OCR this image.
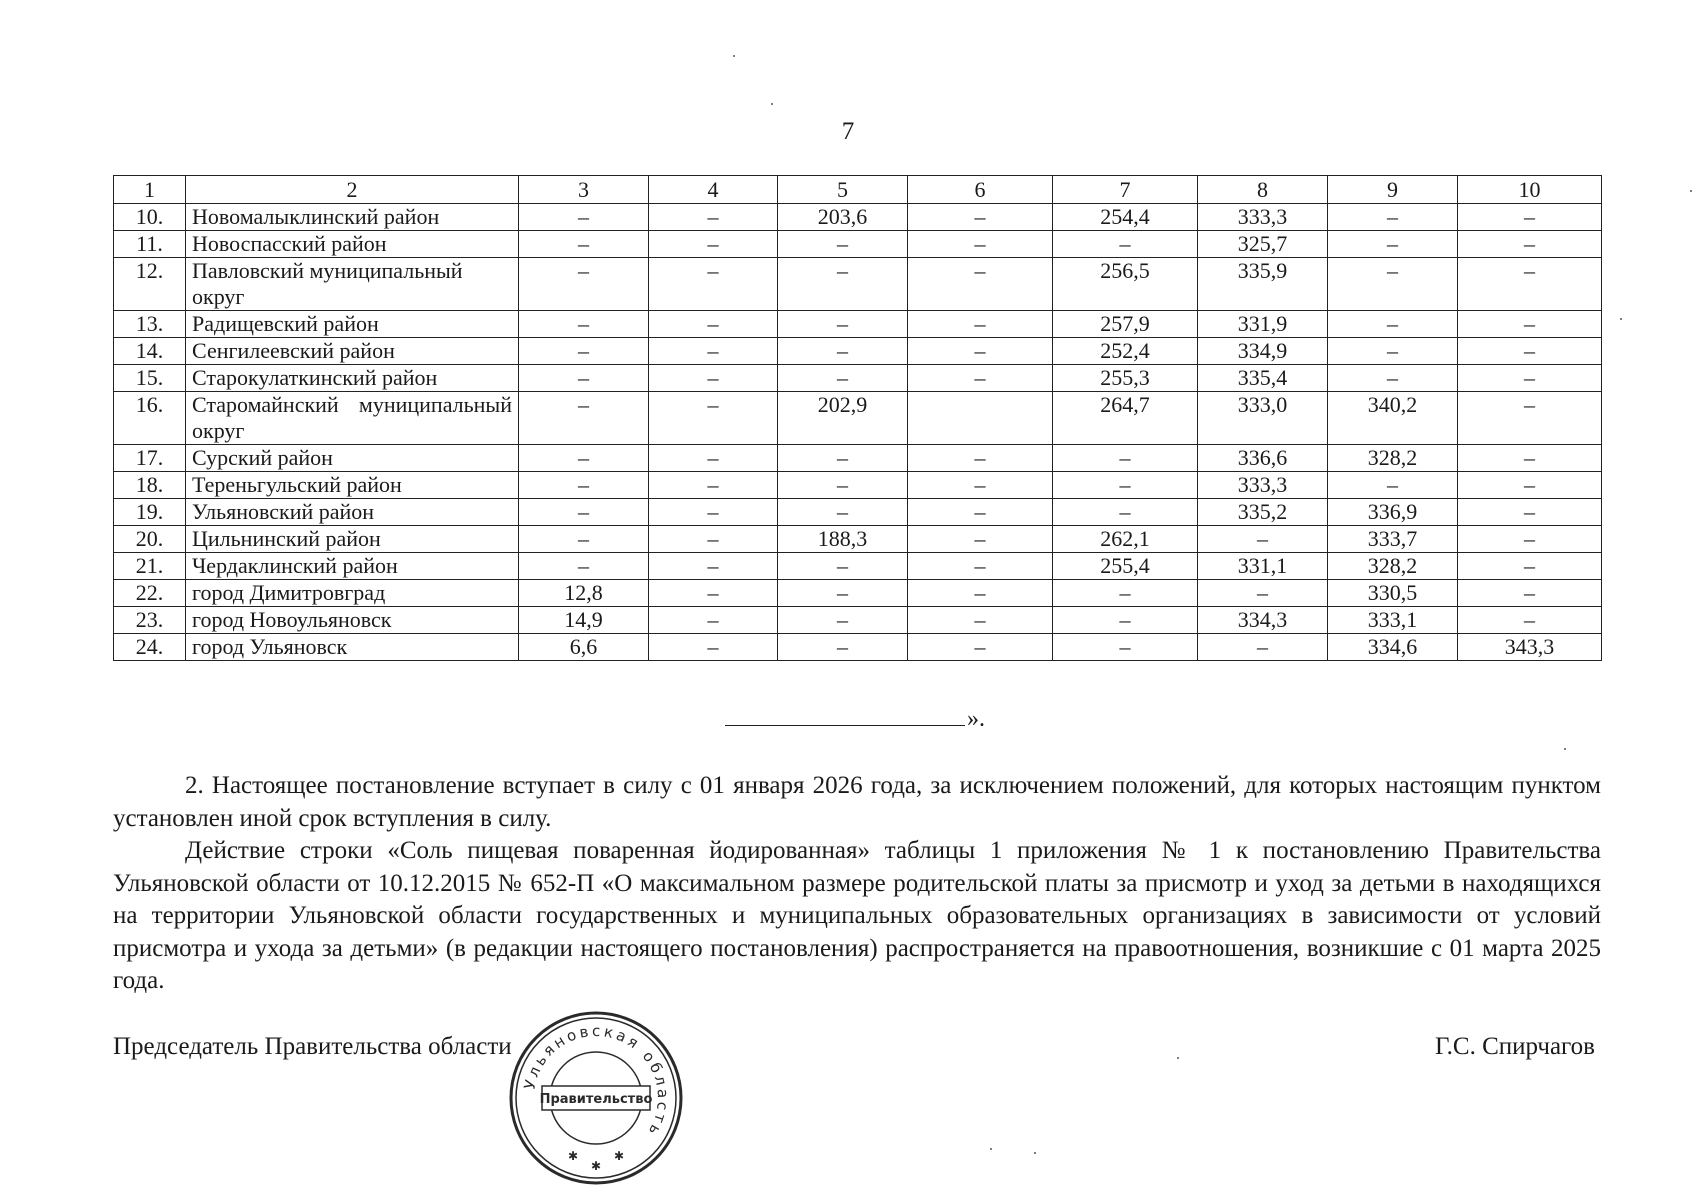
7
1	2	3	4	5	6	7	8	9	10
10.	Новомалыклинский район	–	–	203,6	–	254,4	333,3	–	–
11.	Новоспасский район	–	–	–	–	–	325,7	–	–
12.	Павловский муниципальный округ	–	–	–	–	256,5	335,9	–	–
13.	Радищевский район	–	–	–	–	257,9	331,9	–	–
14.	Сенгилеевский район	–	–	–	–	252,4	334,9	–	–
15.	Старокулаткинский район	–	–	–	–	255,3	335,4	–	–
16.	Старомайнский муниципальный округ	–	–	202,9		264,7	333,0	340,2	–
17.	Сурский район	–	–	–	–	–	336,6	328,2	–
18.	Тереньгульский район	–	–	–	–	–	333,3	–	–
19.	Ульяновский район	–	–	–	–	–	335,2	336,9	–
20.	Цильнинский район	–	–	188,3	–	262,1	–	333,7	–
21.	Чердаклинский район	–	–	–	–	255,4	331,1	328,2	–
22.	город Димитровград	12,8	–	–	–	–	–	330,5	–
23.	город Новоульяновск	14,9	–	–	–	–	334,3	333,1	–
24.	город Ульяновск	6,6	–	–	–	–	–	334,6	343,3
».

2. Настоящее постановление вступает в силу с 01 января 2026 года, за исключением положений, для которых настоящим пунктом установлен иной срок вступления в силу.

Действие строки «Соль пищевая поваренная йодированная» таблицы 1 приложения № 1 к постановлению Правительства Ульяновской области от 10.12.2015 № 652-П «О максимальном размере родительской платы за присмотр и уход за детьми в находящихся на территории Ульяновской области государственных и муниципальных образовательных организациях в зависимости от условий присмотра и ухода за детьми» (в редакции настоящего постановления) распространяется на правоотношения, возникшие с 01 марта 2025 года.

Председатель Правительства области	Г.С. Спирчагов
Ульяновская область
Правительство
✱
✱
✱
